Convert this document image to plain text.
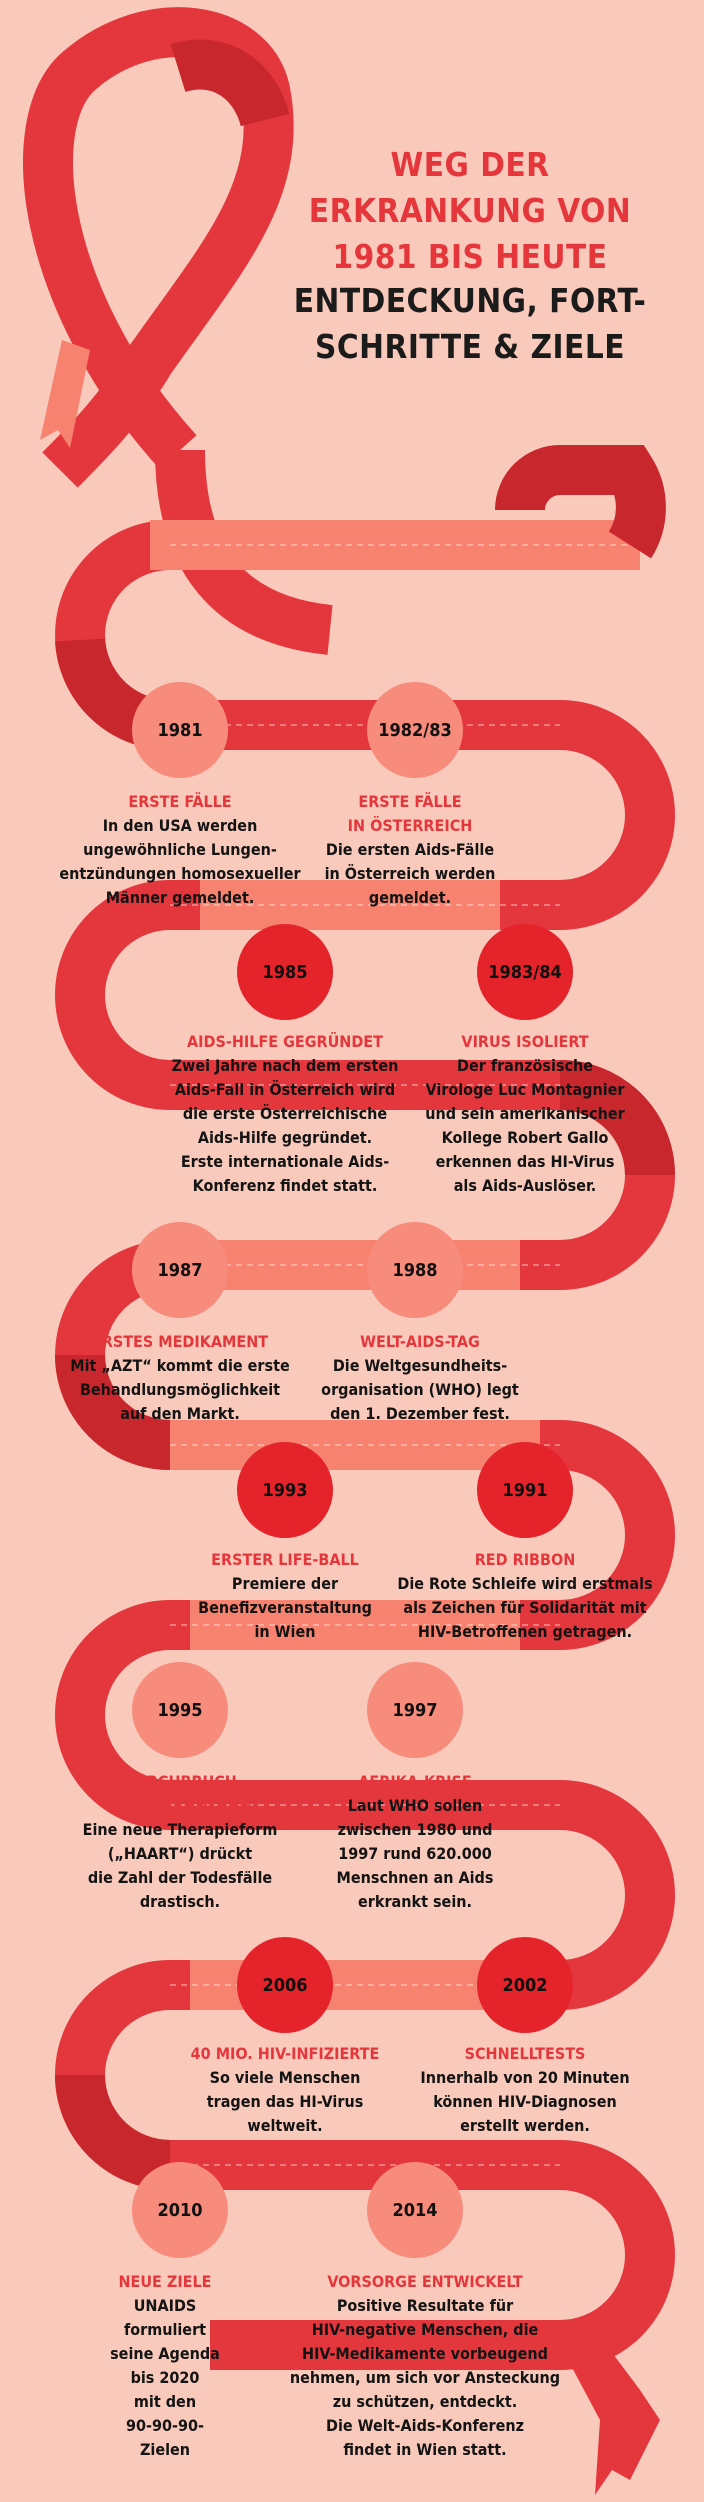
WEG DER
ERKRANKUNG VON
1981 BIS HEUTE
ENTDECKUNG, FORT-
SCHRITTE & ZIELE
1981
ERSTE FÄLLE
In den USA werden
ungewöhnliche Lungen-
entzündungen homosexueller
Männer gemeldet.
1982/83
ERSTE FÄLLE
IN ÖSTERREICH
Die ersten Aids-Fälle
in Österreich werden
gemeldet.
1985
AIDS-HILFE GEGRÜNDET
Zwei Jahre nach dem ersten
Aids-Fall in Österreich wird
die erste Österreichische
Aids-Hilfe gegründet.
Erste internationale Aids-
Konferenz findet statt.
1983/84
VIRUS ISOLIERT
Der französische
Virologe Luc Montagnier
und sein amerikanischer
Kollege Robert Gallo
erkennen das HI-Virus
als Aids-Auslöser.
1987
ERSTES MEDIKAMENT
Mit „AZT“ kommt die erste
Behandlungsmöglichkeit
auf den Markt.
1988
WELT-AIDS-TAG
Die Weltgesundheits-
organisation (WHO) legt
den 1. Dezember fest.
1993
ERSTER LIFE-BALL
Premiere der
Benefizveranstaltung
in Wien
1991
RED RIBBON
Die Rote Schleife wird erstmals
als Zeichen für Solidarität mit
HIV-Betroffenen getragen.
1995
DURCHBRUCH
BEI BEHANDLUNG
Eine neue Therapieform
(„HAART“) drückt
die Zahl der Todesfälle
drastisch.
1997
AFRIKA-KRISE
Laut WHO sollen
zwischen 1980 und
1997 rund 620.000
Menschnen an Aids
erkrankt sein.
2006
40 MIO. HIV-INFIZIERTE
So viele Menschen
tragen das HI-Virus
weltweit.
2002
SCHNELLTESTS
Innerhalb von 20 Minuten
können HIV-Diagnosen
erstellt werden.
2010
NEUE ZIELE
UNAIDS
formuliert
seine Agenda
bis 2020
mit den
90-90-90-
Zielen
2014
VORSORGE ENTWICKELT
Positive Resultate für
HIV-negative Menschen, die
HIV-Medikamente vorbeugend
nehmen, um sich vor Ansteckung
zu schützen, entdeckt.
Die Welt-Aids-Konferenz
findet in Wien statt.
